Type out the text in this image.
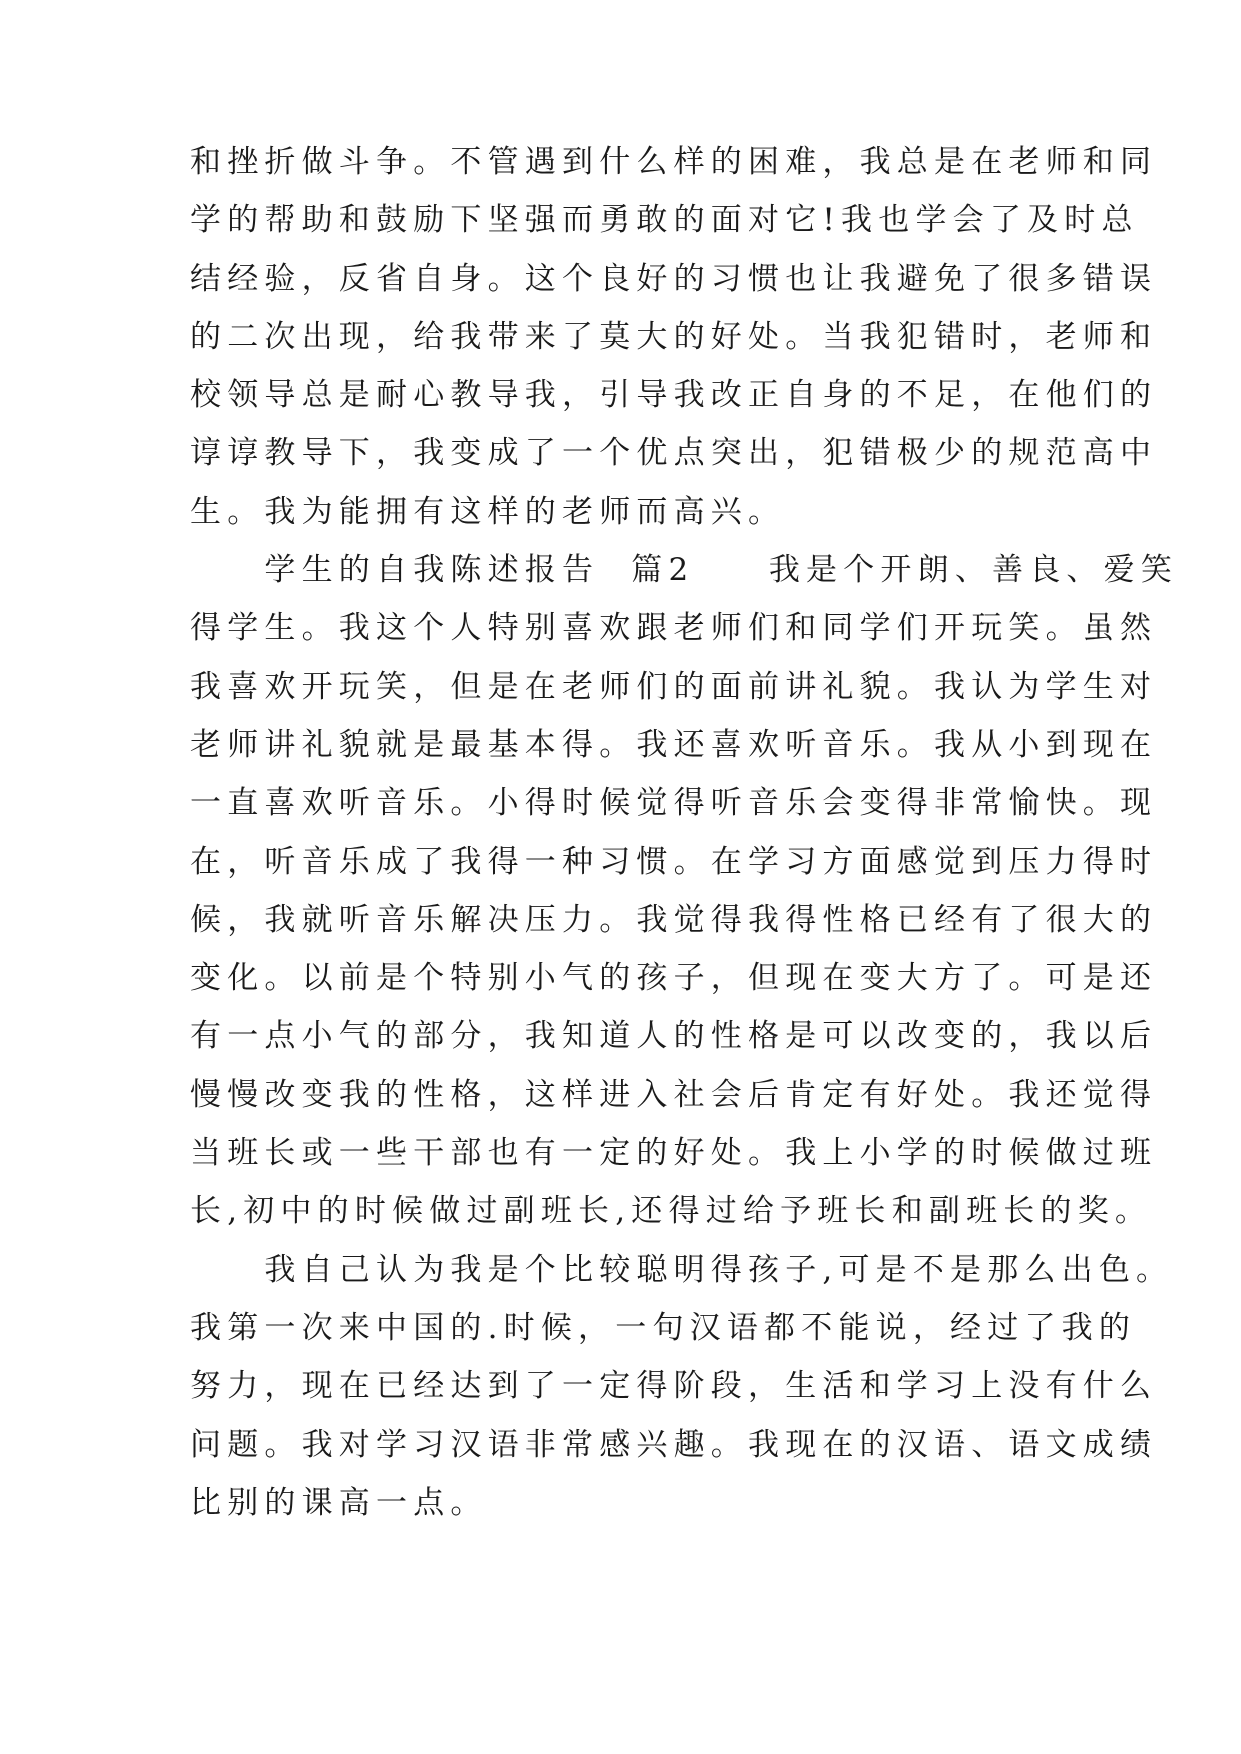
和挫折做斗争。不管遇到什么样的困难，我总是在老师和同
学的帮助和鼓励下坚强而勇敢的面对它!我也学会了及时总
结经验，反省自身。这个良好的习惯也让我避免了很多错误
的二次出现，给我带来了莫大的好处。当我犯错时，老师和
校领导总是耐心教导我，引导我改正自身的不足，在他们的
谆谆教导下，我变成了一个优点突出，犯错极少的规范高中
生。我为能拥有这样的老师而高兴。
　　学生的自我陈述报告  篇2　　我是个开朗、善良、爱笑
得学生。我这个人特别喜欢跟老师们和同学们开玩笑。虽然
我喜欢开玩笑，但是在老师们的面前讲礼貌。我认为学生对
老师讲礼貌就是最基本得。我还喜欢听音乐。我从小到现在
一直喜欢听音乐。小得时候觉得听音乐会变得非常愉快。现
在，听音乐成了我得一种习惯。在学习方面感觉到压力得时
候，我就听音乐解决压力。我觉得我得性格已经有了很大的
变化。以前是个特别小气的孩子，但现在变大方了。可是还
有一点小气的部分，我知道人的性格是可以改变的，我以后
慢慢改变我的性格，这样进入社会后肯定有好处。我还觉得
当班长或一些干部也有一定的好处。我上小学的时候做过班
长,初中的时候做过副班长,还得过给予班长和副班长的奖。
　　我自己认为我是个比较聪明得孩子,可是不是那么出色。
我第一次来中国的.时候，一句汉语都不能说，经过了我的
努力，现在已经达到了一定得阶段，生活和学习上没有什么
问题。我对学习汉语非常感兴趣。我现在的汉语、语文成绩
比别的课高一点。
